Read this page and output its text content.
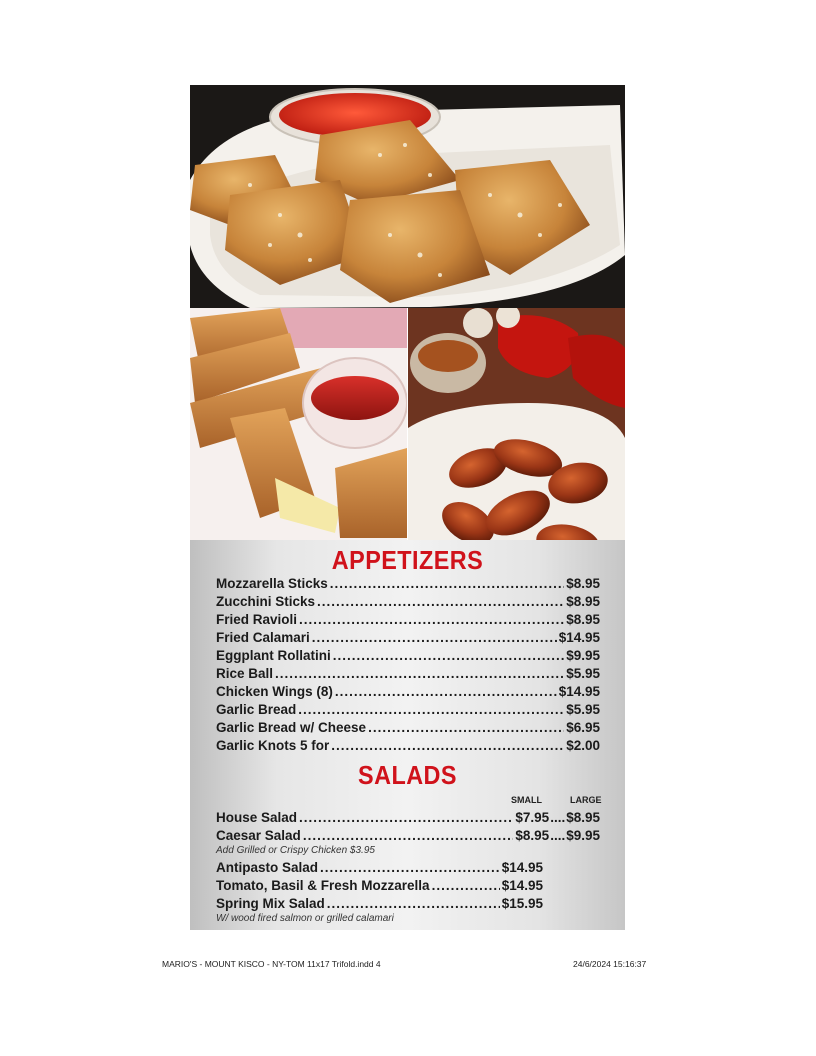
APPETIZERS
Mozzarella Sticks .....	$8.95
Zucchini Sticks .....	$8.95
Fried Ravioli .....	$8.95
Fried Calamari .....	$14.95
Eggplant Rollatini .....	$9.95
Rice Ball .....	$5.95
Chicken Wings (8) .....	$14.95
Garlic Bread .....	$5.95
Garlic Bread w/ Cheese .....	$6.95
Garlic Knots 5 for .....	$2.00
SALADS
SMALL	LARGE
House Salad .....	$7.95 .... $8.95
Caesar Salad .....	$8.95 .... $9.95
Add Grilled or Crispy Chicken $3.95
Antipasto Salad .....	$14.95
Tomato, Basil & Fresh Mozzarella .....	$14.95
Spring Mix Salad .....	$15.95
W/ wood fired salmon or grilled calamari
MARIO'S - MOUNT KISCO - NY-TOM 11x17 Trifold.indd 4	24/6/2024 15:16:37
